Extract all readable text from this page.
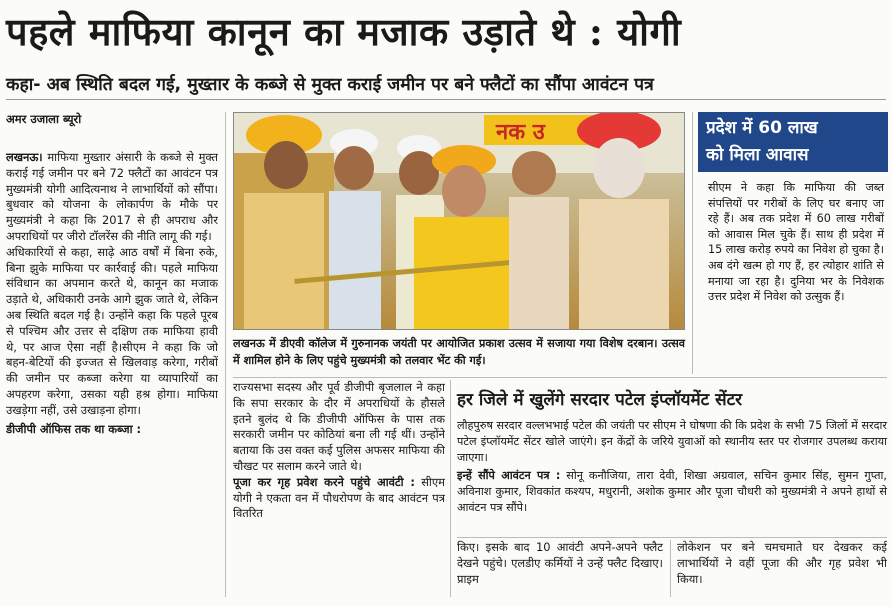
पहले माफिया कानून का मजाक उड़ाते थे : योगी
कहा- अब स्थिति बदल गई, मुख्तार के कब्जे से मुक्त कराई जमीन पर बने फ्लैटों का सौंपा आवंटन पत्र
अमर उजाला ब्यूरो

लखनऊ। माफिया मुख्तार अंसारी के कब्जे से मुक्त कराई गई जमीन पर बने 72 फ्लैटों का आवंटन पत्र मुख्यमंत्री योगी आदित्यनाथ ने लाभार्थियों को सौंपा। बुधवार को योजना के लोकार्पण के मौके पर मुख्यमंत्री ने कहा कि 2017 से ही अपराध और अपराधियों पर जीरो टॉलरेंस की नीति लागू की गई।

अधिकारियों से कहा, साढ़े आठ वर्षों में बिना रुके, बिना झुके माफिया पर कार्रवाई की। पहले माफिया संविधान का अपमान करते थे, कानून का मजाक उड़ाते थे, अधिकारी उनके आगे झुक जाते थे, लेकिन अब स्थिति बदल गई है। उन्होंने कहा कि पहले पूरब से पश्चिम और उत्तर से दक्षिण तक माफिया हावी थे, पर आज ऐसा नहीं है।सीएम ने कहा कि जो बहन-बेटियों की इज्जत से खिलवाड़ करेगा, गरीबों की जमीन पर कब्जा करेगा या व्यापारियों का अपहरण करेगा, उसका यही हश्र होगा। माफिया उखड़ेगा नहीं, उसे उखाड़ना होगा।

डीजीपी ऑफिस तक था कब्जा :
नक उ
लखनऊ में डीएवी कॉलेज में गुरुनानक जयंती पर आयोजित प्रकाश उत्सव में सजाया गया विशेष दरबान। उत्सव में शामिल होने के लिए पहुंचे मुख्यमंत्री को तलवार भेंट की गई।
प्रदेश में 60 लाख
को मिला आवास
सीएम ने कहा कि माफिया की जब्त संपत्तियों पर गरीबों के लिए घर बनाए जा रहे हैं। अब तक प्रदेश में 60 लाख गरीबों को आवास मिल चुके हैं। साथ ही प्रदेश में 15 लाख करोड़ रुपये का निवेश हो चुका है। अब दंगे खत्म हो गए हैं, हर त्योहार शांति से मनाया जा रहा है। दुनिया भर के निवेशक उत्तर प्रदेश में निवेश को उत्सुक हैं।

राज्यसभा सदस्य और पूर्व डीजीपी बृजलाल ने कहा कि सपा सरकार के दौर में अपराधियों के हौसले इतने बुलंद थे कि डीजीपी ऑफिस के पास तक सरकारी जमीन पर कोठियां बना ली गई थीं। उन्होंने बताया कि उस वक्त कई पुलिस अफसर माफिया की चौखट पर सलाम करने जाते थे।

पूजा कर गृह प्रवेश करने पहुंचे आवंटी : सीएम योगी ने एकता वन में पौधरोपण के बाद आवंटन पत्र वितरित

हर जिले में खुलेंगे सरदार पटेल इंप्लॉयमेंट सेंटर
लौहपुरुष सरदार वल्लभभाई पटेल की जयंती पर सीएम ने घोषणा की कि प्रदेश के सभी 75 जिलों में सरदार पटेल इंप्लॉयमेंट सेंटर खोले जाएंगे। इन केंद्रों के जरिये युवाओं को स्थानीय स्तर पर रोजगार उपलब्ध कराया जाएगा।
इन्हें सौंपे आवंटन पत्र : सोनू कनौजिया, तारा देवी, शिखा अग्रवाल, सचिन कुमार सिंह, सुमन गुप्ता, अविनाश कुमार, शिवकांत कश्यप, मधुरानी, अशोक कुमार और पूजा चौधरी को मुख्यमंत्री ने अपने हाथों से आवंटन पत्र सौंपे।
किए। इसके बाद 10 आवंटी अपने-अपने फ्लैट देखने पहुंचे। एलडीए कर्मियों ने उन्हें फ्लैट दिखाए। प्राइम
लोकेशन पर बने चमचमाते घर देखकर कई लाभार्थियों ने वहीं पूजा की और गृह प्रवेश भी किया।
